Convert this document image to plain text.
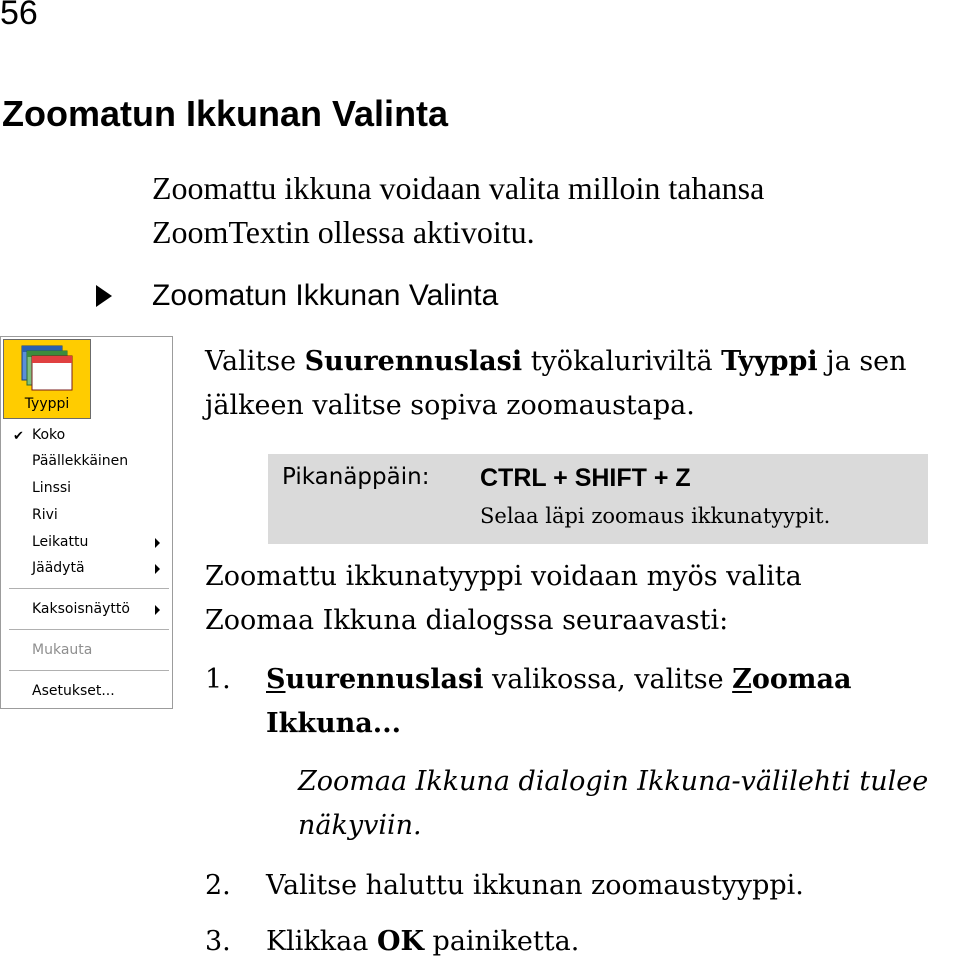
56
Zoomatun Ikkunan Valinta
Zoomattu ikkuna voidaan valita milloin tahansa
ZoomTextin ollessa aktivoitu.
Zoomatun Ikkunan Valinta
Tyyppi
✔ Koko
Päällekkäinen
Linssi
Rivi
Leikattu
Jäädytä
Kaksoisnäyttö
Mukauta
Asetukset...
Valitse Suurennuslasi työkaluriviltä Tyyppi ja sen
jälkeen valitse sopiva zoomaustapa.
Pikanäppäin: CTRL + SHIFT + Z
Selaa läpi zoomaus ikkunatyypit.
Zoomattu ikkunatyyppi voidaan myös valita
Zoomaa Ikkuna dialogssa seuraavasti:
1. Suurennuslasi valikossa, valitse Zoomaa
Ikkuna...
Zoomaa Ikkuna dialogin Ikkuna-välilehti tulee
näkyviin.
2. Valitse haluttu ikkunan zoomaustyyppi.
3. Klikkaa OK painiketta.
